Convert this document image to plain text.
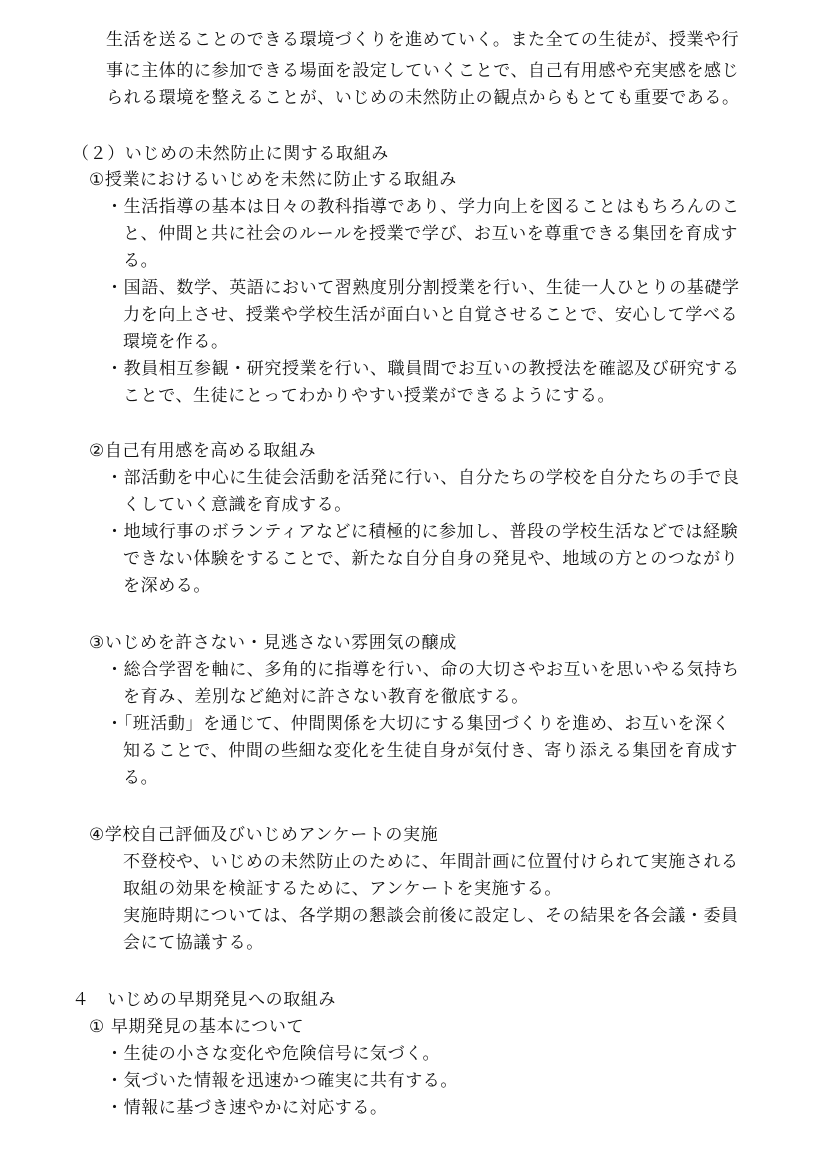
生活を送ることのできる環境づくりを進めていく。また全ての生徒が、授業や行
事に主体的に参加できる場面を設定していくことで、自己有用感や充実感を感じ
られる環境を整えることが、いじめの未然防止の観点からもとても重要である。
（２）いじめの未然防止に関する取組み
①授業におけるいじめを未然に防止する取組み
・生活指導の基本は日々の教科指導であり、学力向上を図ることはもちろんのこ
と、仲間と共に社会のルールを授業で学び、お互いを尊重できる集団を育成す
る。
・国語、数学、英語において習熟度別分割授業を行い、生徒一人ひとりの基礎学
力を向上させ、授業や学校生活が面白いと自覚させることで、安心して学べる
環境を作る。
・教員相互参観・研究授業を行い、職員間でお互いの教授法を確認及び研究する
ことで、生徒にとってわかりやすい授業ができるようにする。
②自己有用感を高める取組み
・部活動を中心に生徒会活動を活発に行い、自分たちの学校を自分たちの手で良
くしていく意識を育成する。
・地域行事のボランティアなどに積極的に参加し、普段の学校生活などでは経験
できない体験をすることで、新たな自分自身の発見や、地域の方とのつながり
を深める。
③いじめを許さない・見逃さない雰囲気の醸成
・総合学習を軸に、多角的に指導を行い、命の大切さやお互いを思いやる気持ち
を育み、差別など絶対に許さない教育を徹底する。
・「班活動」を通じて、仲間関係を大切にする集団づくりを進め、お互いを深く
知ることで、仲間の些細な変化を生徒自身が気付き、寄り添える集団を育成す
る。
④学校自己評価及びいじめアンケートの実施
不登校や、いじめの未然防止のために、年間計画に位置付けられて実施される
取組の効果を検証するために、アンケートを実施する。
実施時期については、各学期の懇談会前後に設定し、その結果を各会議・委員
会にて協議する。
４　いじめの早期発見への取組み
① 早期発見の基本について
・生徒の小さな変化や危険信号に気づく。
・気づいた情報を迅速かつ確実に共有する。
・情報に基づき速やかに対応する。
